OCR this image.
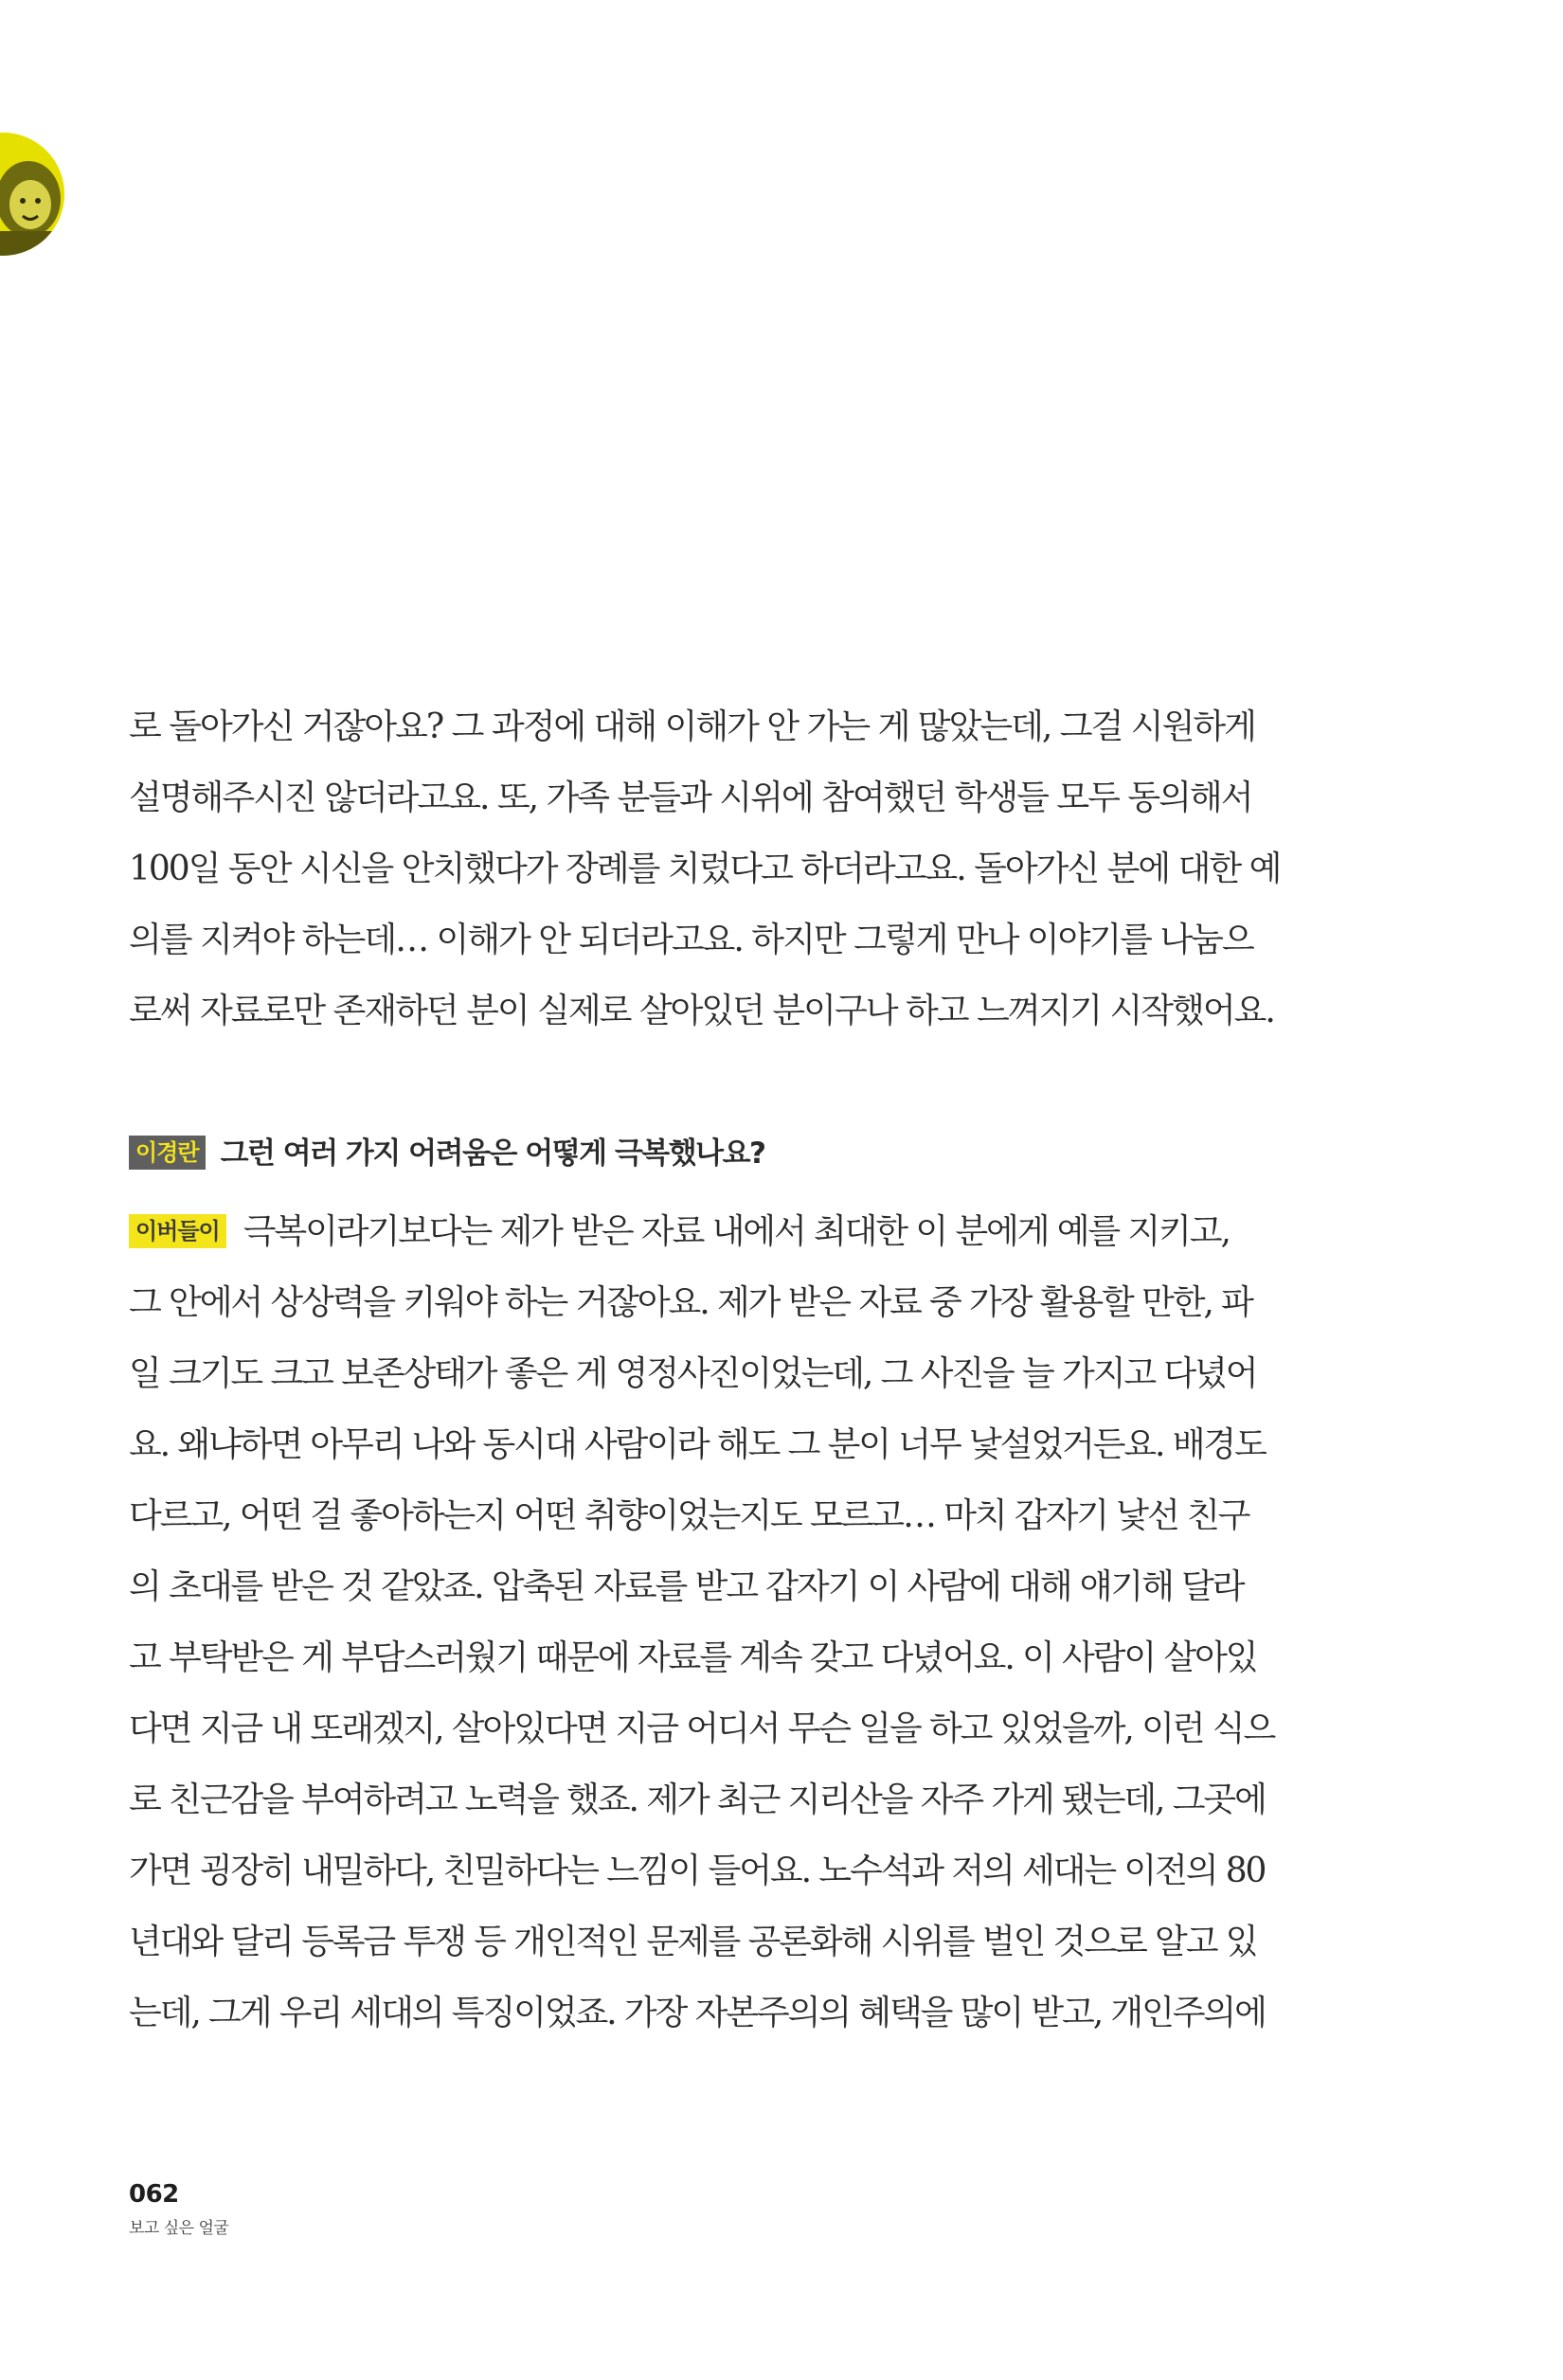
로 돌아가신 거잖아요? 그 과정에 대해 이해가 안 가는 게 많았는데, 그걸 시원하게
설명해주시진 않더라고요. 또, 가족 분들과 시위에 참여했던 학생들 모두 동의해서
100일 동안 시신을 안치했다가 장례를 치렀다고 하더라고요. 돌아가신 분에 대한 예
의를 지켜야 하는데… 이해가 안 되더라고요. 하지만 그렇게 만나 이야기를 나눔으
로써 자료로만 존재하던 분이 실제로 살아있던 분이구나 하고 느껴지기 시작했어요.
이경란 그런 여러 가지 어려움은 어떻게 극복했나요?
이버들이 극복이라기보다는 제가 받은 자료 내에서 최대한 이 분에게 예를 지키고,
그 안에서 상상력을 키워야 하는 거잖아요. 제가 받은 자료 중 가장 활용할 만한, 파
일 크기도 크고 보존상태가 좋은 게 영정사진이었는데, 그 사진을 늘 가지고 다녔어
요. 왜냐하면 아무리 나와 동시대 사람이라 해도 그 분이 너무 낯설었거든요. 배경도
다르고, 어떤 걸 좋아하는지 어떤 취향이었는지도 모르고… 마치 갑자기 낯선 친구
의 초대를 받은 것 같았죠. 압축된 자료를 받고 갑자기 이 사람에 대해 얘기해 달라
고 부탁받은 게 부담스러웠기 때문에 자료를 계속 갖고 다녔어요. 이 사람이 살아있
다면 지금 내 또래겠지, 살아있다면 지금 어디서 무슨 일을 하고 있었을까, 이런 식으
로 친근감을 부여하려고 노력을 했죠. 제가 최근 지리산을 자주 가게 됐는데, 그곳에
가면 굉장히 내밀하다, 친밀하다는 느낌이 들어요. 노수석과 저의 세대는 이전의 80
년대와 달리 등록금 투쟁 등 개인적인 문제를 공론화해 시위를 벌인 것으로 알고 있
는데, 그게 우리 세대의 특징이었죠. 가장 자본주의의 혜택을 많이 받고, 개인주의에
062
보고 싶은 얼굴
